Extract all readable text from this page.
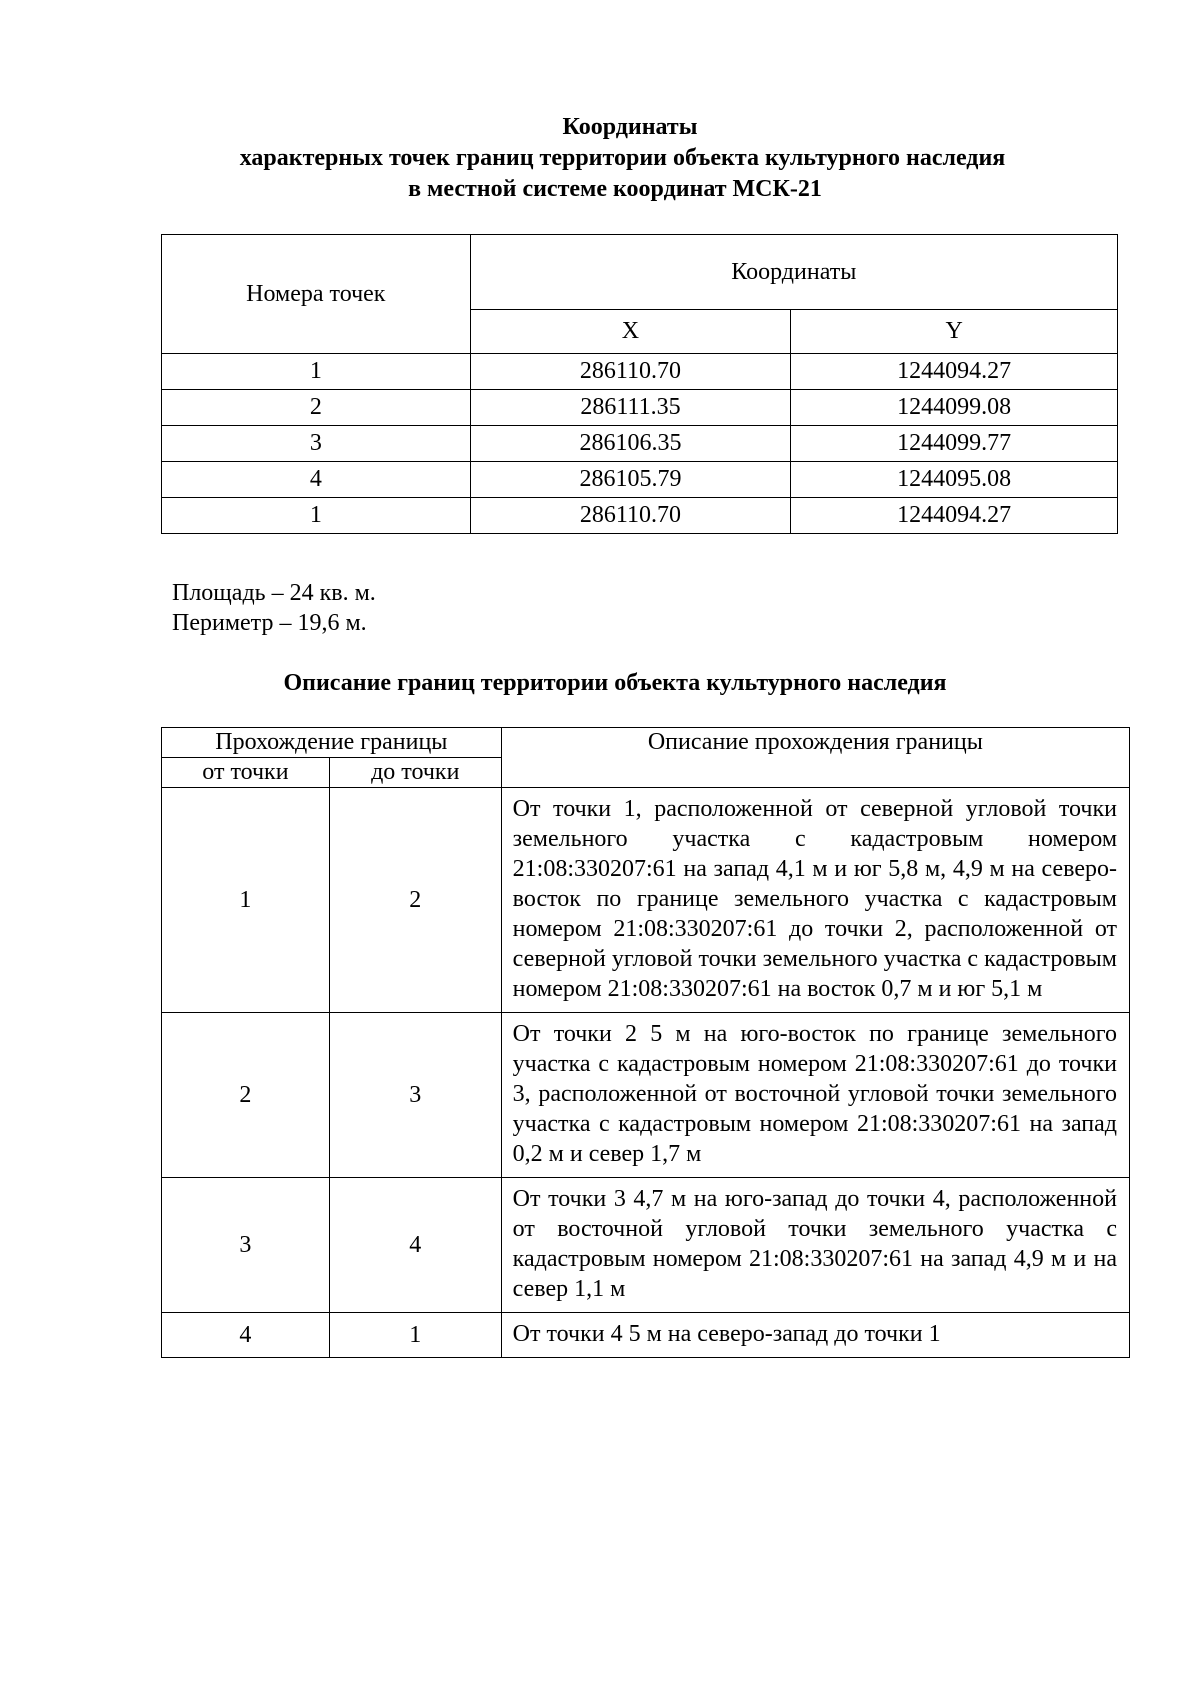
Координаты
характерных точек границ территории объекта культурного наследия
в местной системе координат МСК-21
Номера точек	Координаты	
	X	Y
1	286110.70	1244094.27
2	286111.35	1244099.08
3	286106.35	1244099.77
4	286105.79	1244095.08
1	286110.70	1244094.27
Площадь – 24 кв. м.
Периметр – 19,6 м.
Описание границ территории объекта культурного наследия
Прохождение границы		Описание прохождения границы
от точки	до точки	
1	2	От точки 1, расположенной от северной угловой точки земельного участка с кадастровым номером 21:08:330207:61 на запад 4,1 м и юг 5,8 м, 4,9 м на северо-восток по границе земельного участка с кадастровым номером 21:08:330207:61 до точки 2, расположенной от северной угловой точки земельного участка с кадастровым номером 21:08:330207:61 на восток 0,7 м и юг 5,1 м
2	3	От точки 2 5 м на юго-восток по границе земельного участка с кадастровым номером 21:08:330207:61 до точки 3, расположенной от восточной угловой точки земельного участка с кадастровым номером 21:08:330207:61 на запад 0,2 м и север 1,7 м
3	4	От точки 3 4,7 м на юго-запад до точки 4, расположенной от восточной угловой точки земельного участка с кадастровым номером 21:08:330207:61 на запад 4,9 м и на север 1,1 м
4	1	От точки 4 5 м на северо-запад до точки 1
